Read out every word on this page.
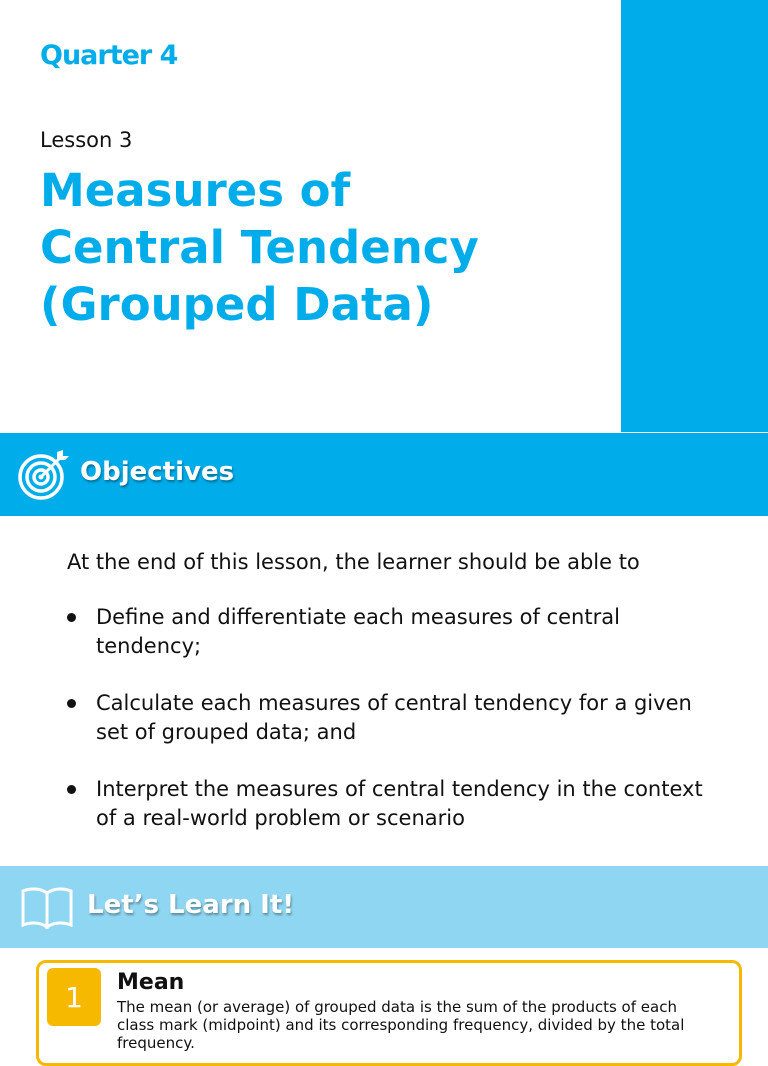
Quarter 4
Lesson 3
Measures of
Central Tendency
(Grouped Data)
Objectives
At the end of this lesson, the learner should be able to
Define and differentiate each measures of central tendency;
Calculate each measures of central tendency for a given set of grouped data; and
Interpret the measures of central tendency in the context of a real-world problem or scenario
Let’s Learn It!
1	Mean
The mean (or average) of grouped data is the sum of the products of each class mark (midpoint) and its corresponding frequency, divided by the total frequency.
